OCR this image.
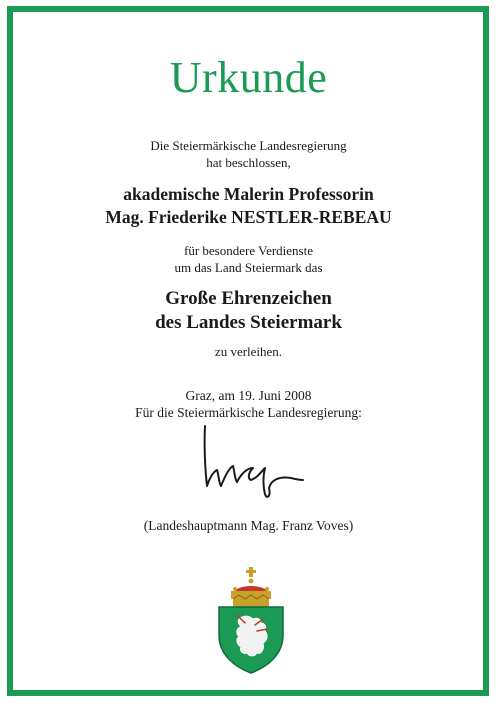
Urkunde
Die Steiermärkische Landesregierung
hat beschlossen,
akademische Malerin Professorin
Mag. Friederike NESTLER-REBEAU
für besondere Verdienste
um das Land Steiermark das
Große Ehrenzeichen
des Landes Steiermark
zu verleihen.
Graz, am 19. Juni 2008
Für die Steiermärkische Landesregierung:
(Landeshauptmann Mag. Franz Voves)
